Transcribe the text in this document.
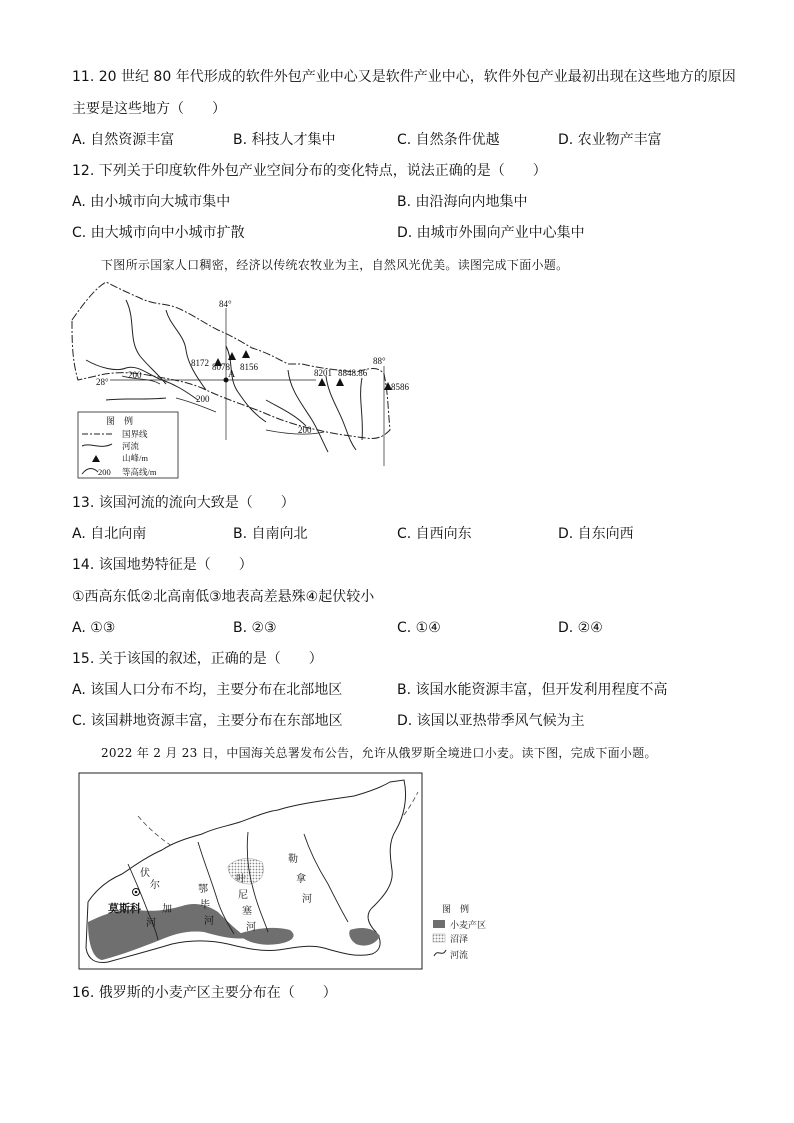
11. 20 世纪 80 年代形成的软件外包产业中心又是软件产业中心，软件外包产业最初出现在这些地方的原因
主要是这些地方（　　）
A. 自然资源丰富	B. 科技人才集中	C. 自然条件优越	D. 农业物产丰富
12. 下列关于印度软件外包产业空间分布的变化特点，说法正确的是（　　）
A. 由小城市向大城市集中	B. 由沿海向内地集中
C. 由大城市向中小城市扩散	D. 由城市外围向产业中心集中
下图所示国家人口稠密，经济以传统农牧业为主，自然风光优美。读图完成下面小题。
84°
88°
28°
8172 8078 8156
8201 8848.86
8586
A
200
200
200
图　例
国界线
河流
山峰/m
200 等高线/m
13. 该国河流的流向大致是（　　）
A. 自北向南	B. 自南向北	C. 自西向东	D. 自东向西
14. 该国地势特征是（　　）
①西高东低②北高南低③地表高差悬殊④起伏较小
A. ①③	B. ②③	C. ①④	D. ②④
15. 关于该国的叙述，正确的是（　　）
A. 该国人口分布不均，主要分布在北部地区	B. 该国水能资源丰富，但开发利用程度不高
C. 该国耕地资源丰富，主要分布在东部地区	D. 该国以亚热带季风气候为主
2022 年 2 月 23 日，中国海关总署发布公告，允许从俄罗斯全境进口小麦。读下图，完成下面小题。
莫斯科
伏
尔
加
河
鄂
毕
河
叶
尼
塞
河
勒
拿
河
图　例
小麦产区
沼泽
河流
16. 俄罗斯的小麦产区主要分布在（　　）
